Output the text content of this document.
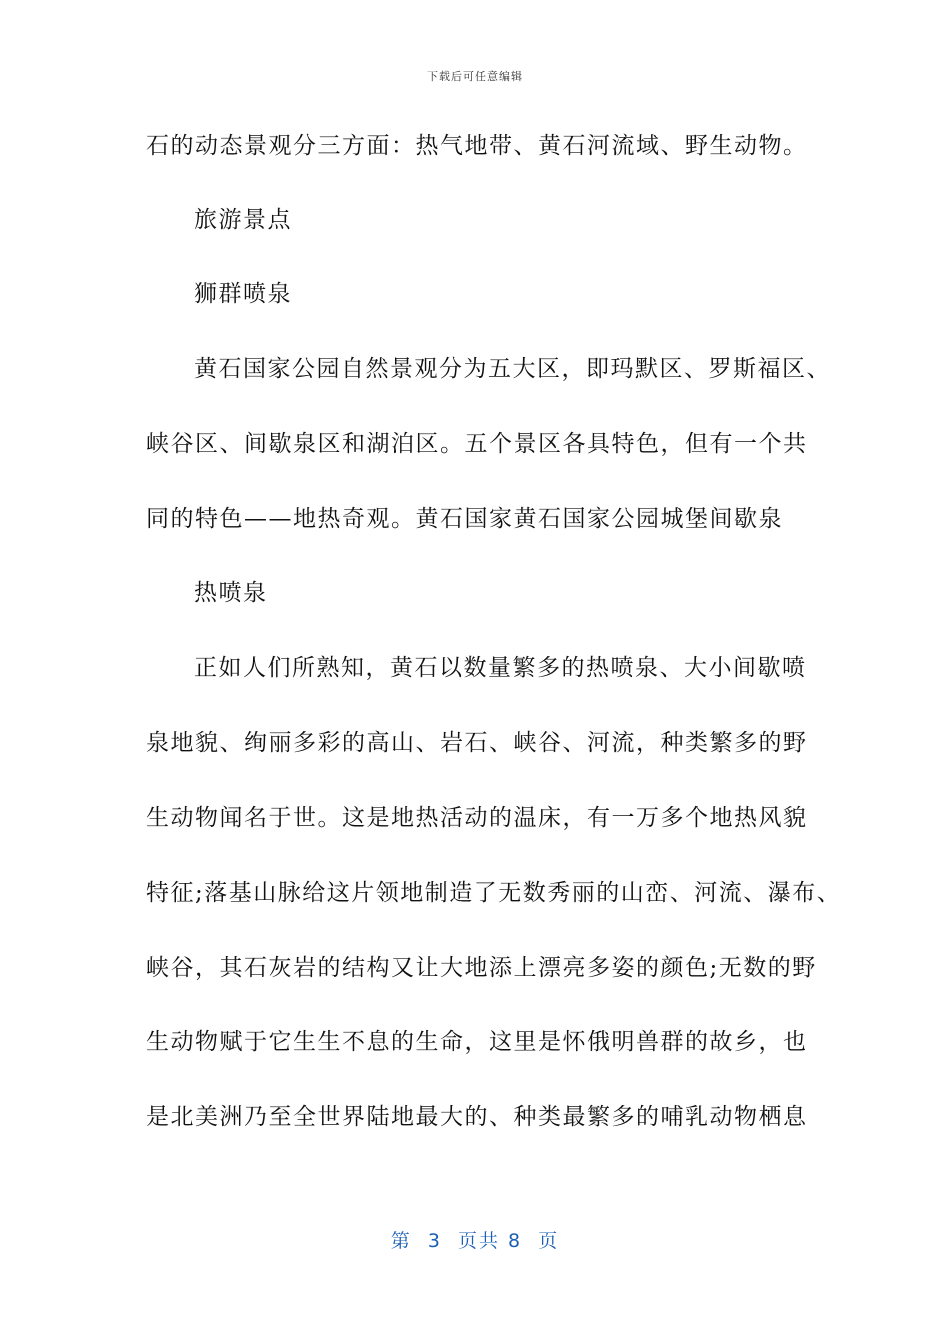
下载后可任意编辑
石的动态景观分三方面：热气地带、黄石河流域、野生动物。
旅游景点
狮群喷泉
黄石国家公园自然景观分为五大区，即玛默区、罗斯福区、
峡谷区、间歇泉区和湖泊区。五个景区各具特色，但有一个共
同的特色——地热奇观。黄石国家黄石国家公园城堡间歇泉
热喷泉
正如人们所熟知，黄石以数量繁多的热喷泉、大小间歇喷
泉地貌、绚丽多彩的高山、岩石、峡谷、河流，种类繁多的野
生动物闻名于世。这是地热活动的温床，有一万多个地热风貌
特征;落基山脉给这片领地制造了无数秀丽的山峦、河流、瀑布、
峡谷，其石灰岩的结构又让大地添上漂亮多姿的颜色;无数的野
生动物赋于它生生不息的生命，这里是怀俄明兽群的故乡，也
是北美洲乃至全世界陆地最大的、种类最繁多的哺乳动物栖息
第  3  页共 8  页
